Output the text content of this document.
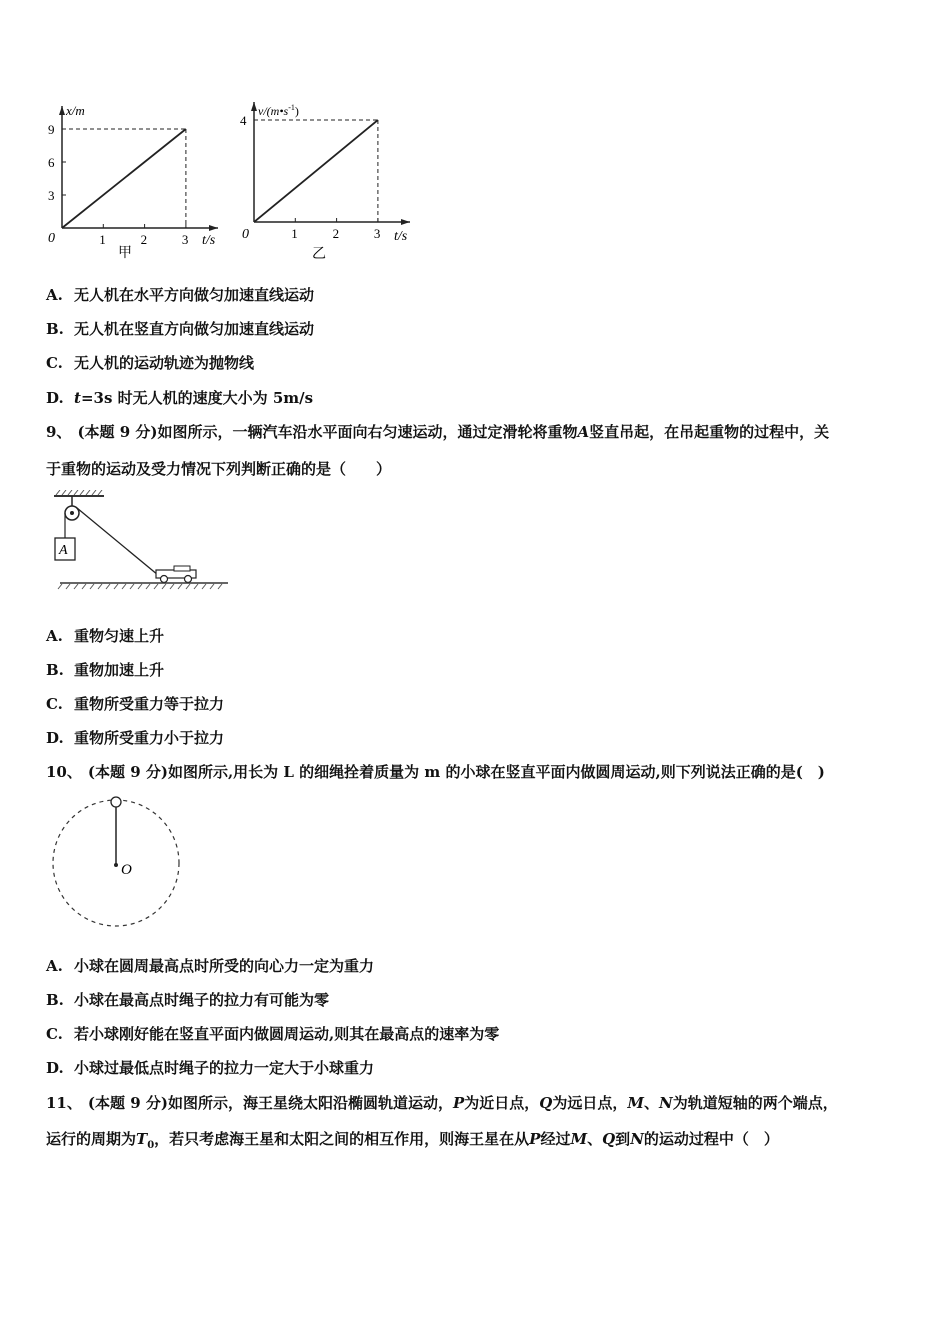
3
6
9
1	2	3
x/m
t/s
0
甲
4
1	2	3
$v/(m•s^{-1})$
t/s
0
乙
A. 无人机在水平方向做匀加速直线运动
B. 无人机在竖直方向做匀加速直线运动
C. 无人机的运动轨迹为抛物线
D. t=3s 时无人机的速度大小为 5m/s
9、 (本题 9 分)如图所示，一辆汽车沿水平面向右匀速运动，通过定滑轮将重物A竖直吊起，在吊起重物的过程中，关
于重物的运动及受力情况下列判断正确的是（　　）
A
A. 重物匀速上升
B. 重物加速上升
C. 重物所受重力等于拉力
D. 重物所受重力小于拉力
10、 (本题 9 分)如图所示,用长为 L 的细绳拴着质量为 m 的小球在竖直平面内做圆周运动,则下列说法正确的是(　)
O
A. 小球在圆周最高点时所受的向心力一定为重力
B. 小球在最高点时绳子的拉力有可能为零
C. 若小球刚好能在竖直平面内做圆周运动,则其在最高点的速率为零
D. 小球过最低点时绳子的拉力一定大于小球重力
11、 (本题 9 分)如图所示，海王星绕太阳沿椭圆轨道运动，P为近日点，Q为远日点，M、N为轨道短轴的两个端点，
运行的周期为$T_0$，若只考虑海王星和太阳之间的相互作用，则海王星在从P经过M、Q到N的运动过程中（　）
